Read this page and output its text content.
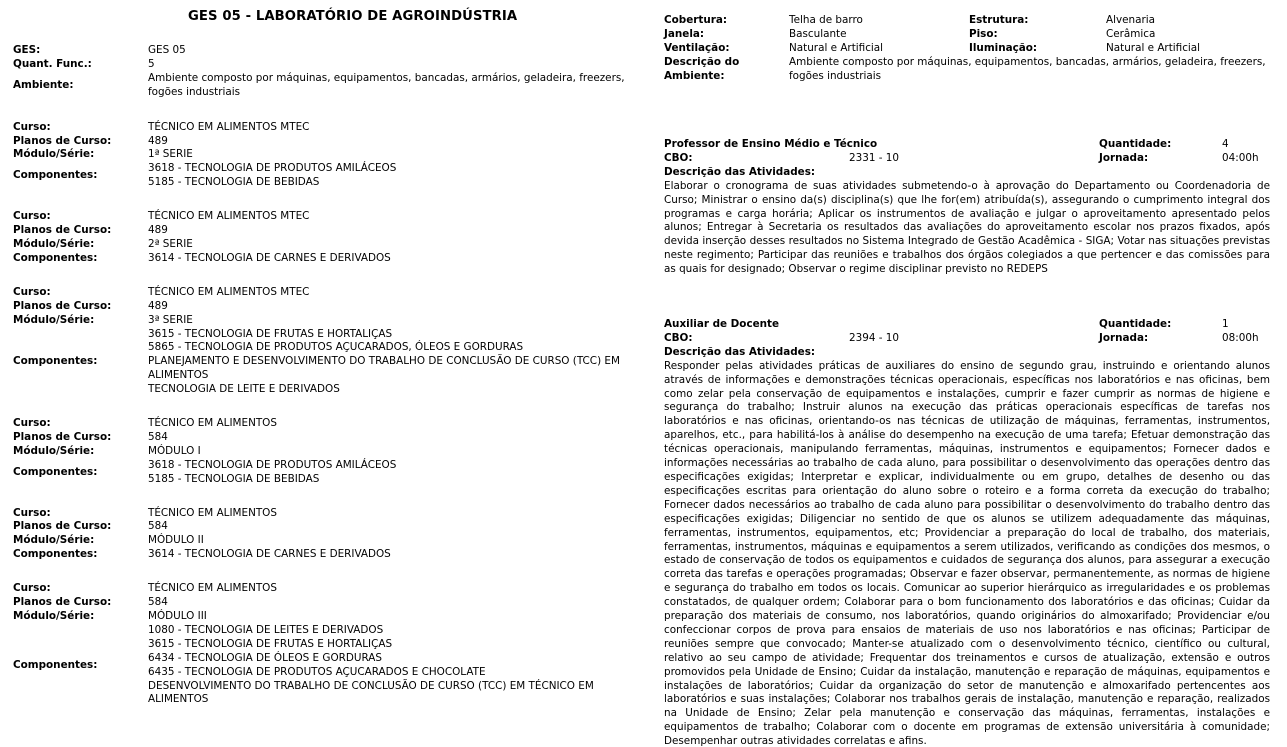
GES 05 - LABORATÓRIO DE AGROINDÚSTRIA
GES:	GES 05
Quant. Func.:	5
Ambiente:
Ambiente composto por máquinas, equipamentos, bancadas, armários, geladeira, freezers, fogões industriais
Curso:	TÉCNICO EM ALIMENTOS MTEC
Planos de Curso:	489
Módulo/Série:	1ª SERIE
Componentes:
3618 - TECNOLOGIA DE PRODUTOS AMILÁCEOS
5185 - TECNOLOGIA DE BEBIDAS
Curso:	TÉCNICO EM ALIMENTOS MTEC
Planos de Curso:	489
Módulo/Série:	2ª SERIE
Componentes:	3614 - TECNOLOGIA DE CARNES E DERIVADOS
Curso:	TÉCNICO EM ALIMENTOS MTEC
Planos de Curso:	489
Módulo/Série:	3ª SERIE
Componentes:
3615 - TECNOLOGIA DE FRUTAS E HORTALIÇAS
5865 - TECNOLOGIA DE PRODUTOS AÇUCARADOS, ÓLEOS E GORDURAS
PLANEJAMENTO E DESENVOLVIMENTO DO TRABALHO DE CONCLUSÃO DE CURSO (TCC) EM ALIMENTOS
TECNOLOGIA DE LEITE E DERIVADOS
Curso:	TÉCNICO EM ALIMENTOS
Planos de Curso:	584
Módulo/Série:	MÓDULO I
Componentes:
3618 - TECNOLOGIA DE PRODUTOS AMILÁCEOS
5185 - TECNOLOGIA DE BEBIDAS
Curso:	TÉCNICO EM ALIMENTOS
Planos de Curso:	584
Módulo/Série:	MÓDULO II
Componentes:	3614 - TECNOLOGIA DE CARNES E DERIVADOS
Curso:	TÉCNICO EM ALIMENTOS
Planos de Curso:	584
Módulo/Série:	MÓDULO III
Componentes:
1080 - TECNOLOGIA DE LEITES E DERIVADOS
3615 - TECNOLOGIA DE FRUTAS E HORTALIÇAS
6434 - TECNOLOGIA DE ÓLEOS E GORDURAS
6435 - TECNOLOGIA DE PRODUTOS AÇUCARADOS E CHOCOLATE
DESENVOLVIMENTO DO TRABALHO DE CONCLUSÃO DE CURSO (TCC) EM TÉCNICO EM ALIMENTOS
Cobertura:	Telha de barro	Estrutura:	Alvenaria
Janela:	Basculante	Piso:	Cerâmica
Ventilação:	Natural e Artificial	Iluminação:	Natural e Artificial
Descrição do Ambiente:
Ambiente composto por máquinas, equipamentos, bancadas, armários, geladeira, freezers, fogões industriais
Professor de Ensino Médio e Técnico	Quantidade:	4
CBO:	2331 - 10	Jornada:	04:00h
Descrição das Atividades:
Elaborar o cronograma de suas atividades submetendo-o à aprovação do Departamento ou Coordenadoria de Curso; Ministrar o ensino da(s) disciplina(s) que lhe for(em) atribuída(s), assegurando o cumprimento integral dos programas e carga horária; Aplicar os instrumentos de avaliação e julgar o aproveitamento apresentado pelos alunos; Entregar à Secretaria os resultados das avaliações do aproveitamento escolar nos prazos fixados, após devida inserção desses resultados no Sistema Integrado de Gestão Acadêmica - SIGA; Votar nas situações previstas neste regimento; Participar das reuniões e trabalhos dos órgãos colegiados a que pertencer e das comissões para as quais for designado; Observar o regime disciplinar previsto no REDEPS
Auxiliar de Docente	Quantidade:	1
CBO:	2394 - 10	Jornada:	08:00h
Descrição das Atividades:
Responder pelas atividades práticas de auxiliares do ensino de segundo grau, instruindo e orientando alunos através de informações e demonstrações técnicas operacionais, específicas nos laboratórios e nas oficinas, bem como zelar pela conservação de equipamentos e instalações, cumprir e fazer cumprir as normas de higiene e segurança do trabalho; Instruir alunos na execução das práticas operacionais específicas de tarefas nos laboratórios e nas oficinas, orientando-os nas técnicas de utilização de máquinas, ferramentas, instrumentos, aparelhos, etc., para habilitá-los à análise do desempenho na execução de uma tarefa; Efetuar demonstração das técnicas operacionais, manipulando ferramentas, máquinas, instrumentos e equipamentos; Fornecer dados e informações necessárias ao trabalho de cada aluno, para possibilitar o desenvolvimento das operações dentro das especificações exigidas; Interpretar e explicar, individualmente ou em grupo, detalhes de desenho ou das especificações escritas para orientação do aluno sobre o roteiro e a forma correta da execução do trabalho; Fornecer dados necessários ao trabalho de cada aluno para possibilitar o desenvolvimento do trabalho dentro das especificações exigidas; Diligenciar no sentido de que os alunos se utilizem adequadamente das máquinas, ferramentas, instrumentos, equipamentos, etc; Providenciar a preparação do local de trabalho, dos materiais, ferramentas, instrumentos, máquinas e equipamentos a serem utilizados, verificando as condições dos mesmos, o estado de conservação de todos os equipamentos e cuidados de segurança dos alunos, para assegurar a execução correta das tarefas e operações programadas; Observar e fazer observar, permanentemente, as normas de higiene e segurança do trabalho em todos os locais. Comunicar ao superior hierárquico as irregularidades e os problemas constatados, de qualquer ordem; Colaborar para o bom funcionamento dos laboratórios e das oficinas; Cuidar da preparação dos materiais de consumo, nos laboratórios, quando originários do almoxarifado; Providenciar e/ou confeccionar corpos de prova para ensaios de materiais de uso nos laboratórios e nas oficinas; Participar de reuniões sempre que convocado; Manter-se atualizado com o desenvolvimento técnico, científico ou cultural, relativo ao seu campo de atividade; Frequentar dos treinamentos e cursos de atualização, extensão e outros promovidos pela Unidade de Ensino; Cuidar da instalação, manutenção e reparação de máquinas, equipamentos e instalações de laboratórios; Cuidar da organização do setor de manutenção e almoxarifado pertencentes aos laboratórios e suas instalações; Colaborar nos trabalhos gerais de instalação, manutenção e reparação, realizados na Unidade de Ensino; Zelar pela manutenção e conservação das máquinas, ferramentas, instalações e equipamentos de trabalho; Colaborar com o docente em programas de extensão universitária à comunidade; Desempenhar outras atividades correlatas e afins.
